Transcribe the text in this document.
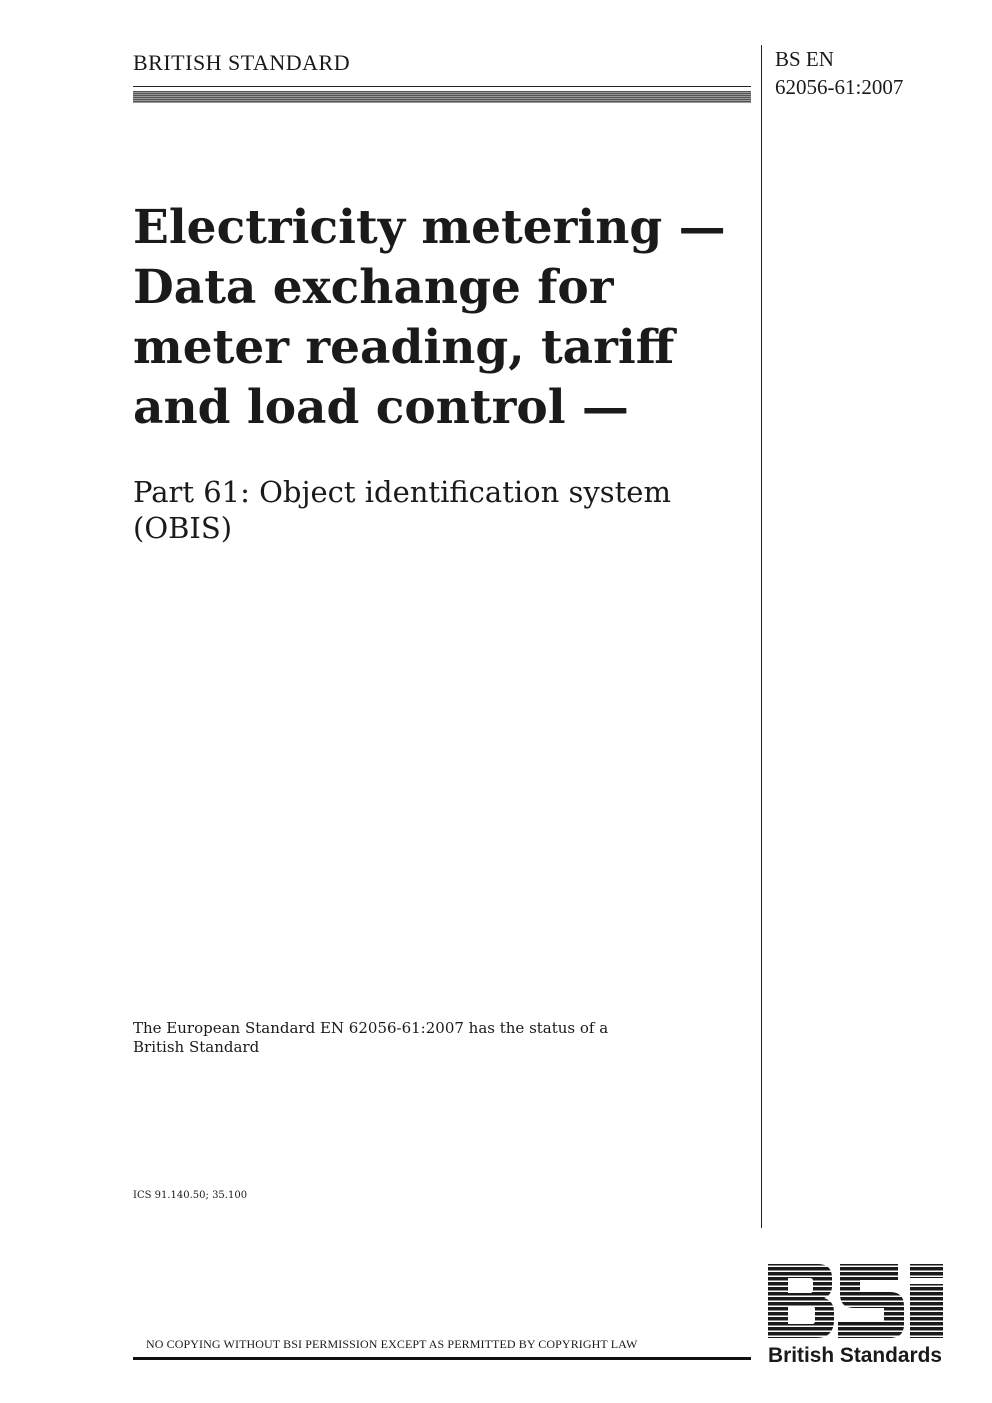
BRITISH STANDARD	BS EN
62056-61:2007
Electricity metering —
Data exchange for
meter reading, tariff
and load control —
Part 61: Object identification system
(OBIS)
The European Standard EN 62056-61:2007 has the status of a
British Standard
ICS 91.140.50; 35.100
NO COPYING WITHOUT BSI PERMISSION EXCEPT AS PERMITTED BY COPYRIGHT LAW	British Standards
